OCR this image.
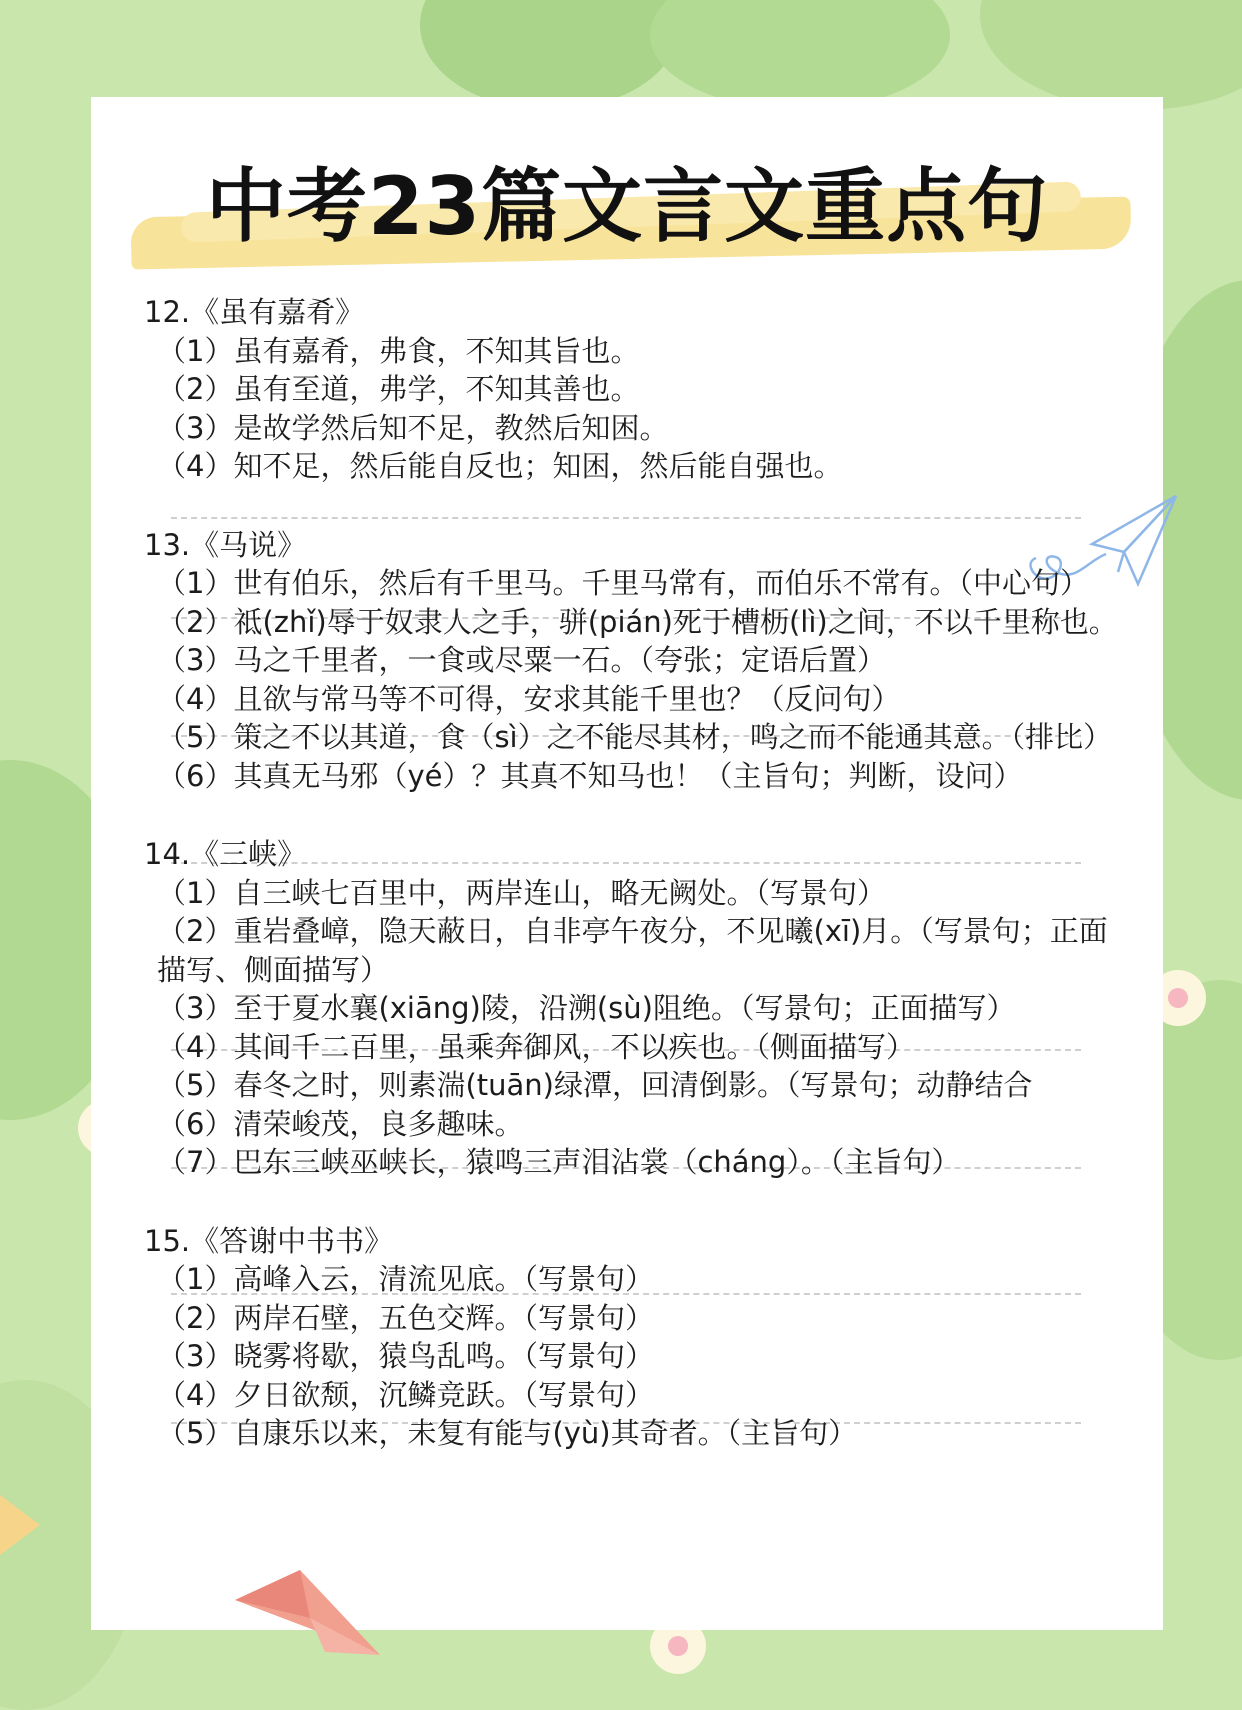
中考23篇文言文重点句

12.《虽有嘉肴》

（1）虽有嘉肴，弗食，不知其旨也。

（2）虽有至道，弗学，不知其善也。

（3）是故学然后知不足，教然后知困。

（4）知不足，然后能自反也；知困，然后能自强也。

13.《马说》

（1）世有伯乐，然后有千里马。千里马常有，而伯乐不常有。（中心句）

（2）祗(zhǐ)辱于奴隶人之手，骈(pián)死于槽枥(lì)之间，不以千里称也。

（3）马之千里者，一食或尽粟一石。（夸张；定语后置）

（4）且欲与常马等不可得，安求其能千里也？（反问句）

（5）策之不以其道，食（sì）之不能尽其材，鸣之而不能通其意。（排比）

（6）其真无马邪（yé）？其真不知马也！（主旨句；判断，设问）

14.《三峡》

（1）自三峡七百里中，两岸连山，略无阙处。（写景句）

（2）重岩叠嶂，隐天蔽日，自非亭午夜分，不见曦(xī)月。（写景句；正面描写、侧面描写）

（3）至于夏水襄(xiāng)陵，沿溯(sù)阻绝。（写景句；正面描写）

（4）其间千二百里，虽乘奔御风，不以疾也。（侧面描写）

（5）春冬之时，则素湍(tuān)绿潭，回清倒影。（写景句；动静结合

（6）清荣峻茂，良多趣味。

（7）巴东三峡巫峡长，猿鸣三声泪沾裳（cháng）。（主旨句）

15.《答谢中书书》

（1）高峰入云，清流见底。（写景句）

（2）两岸石壁，五色交辉。（写景句）

（3）晓雾将歇，猿鸟乱鸣。（写景句）

（4）夕日欲颓，沉鳞竞跃。（写景句）

（5）自康乐以来，未复有能与(yù)其奇者。（主旨句）
